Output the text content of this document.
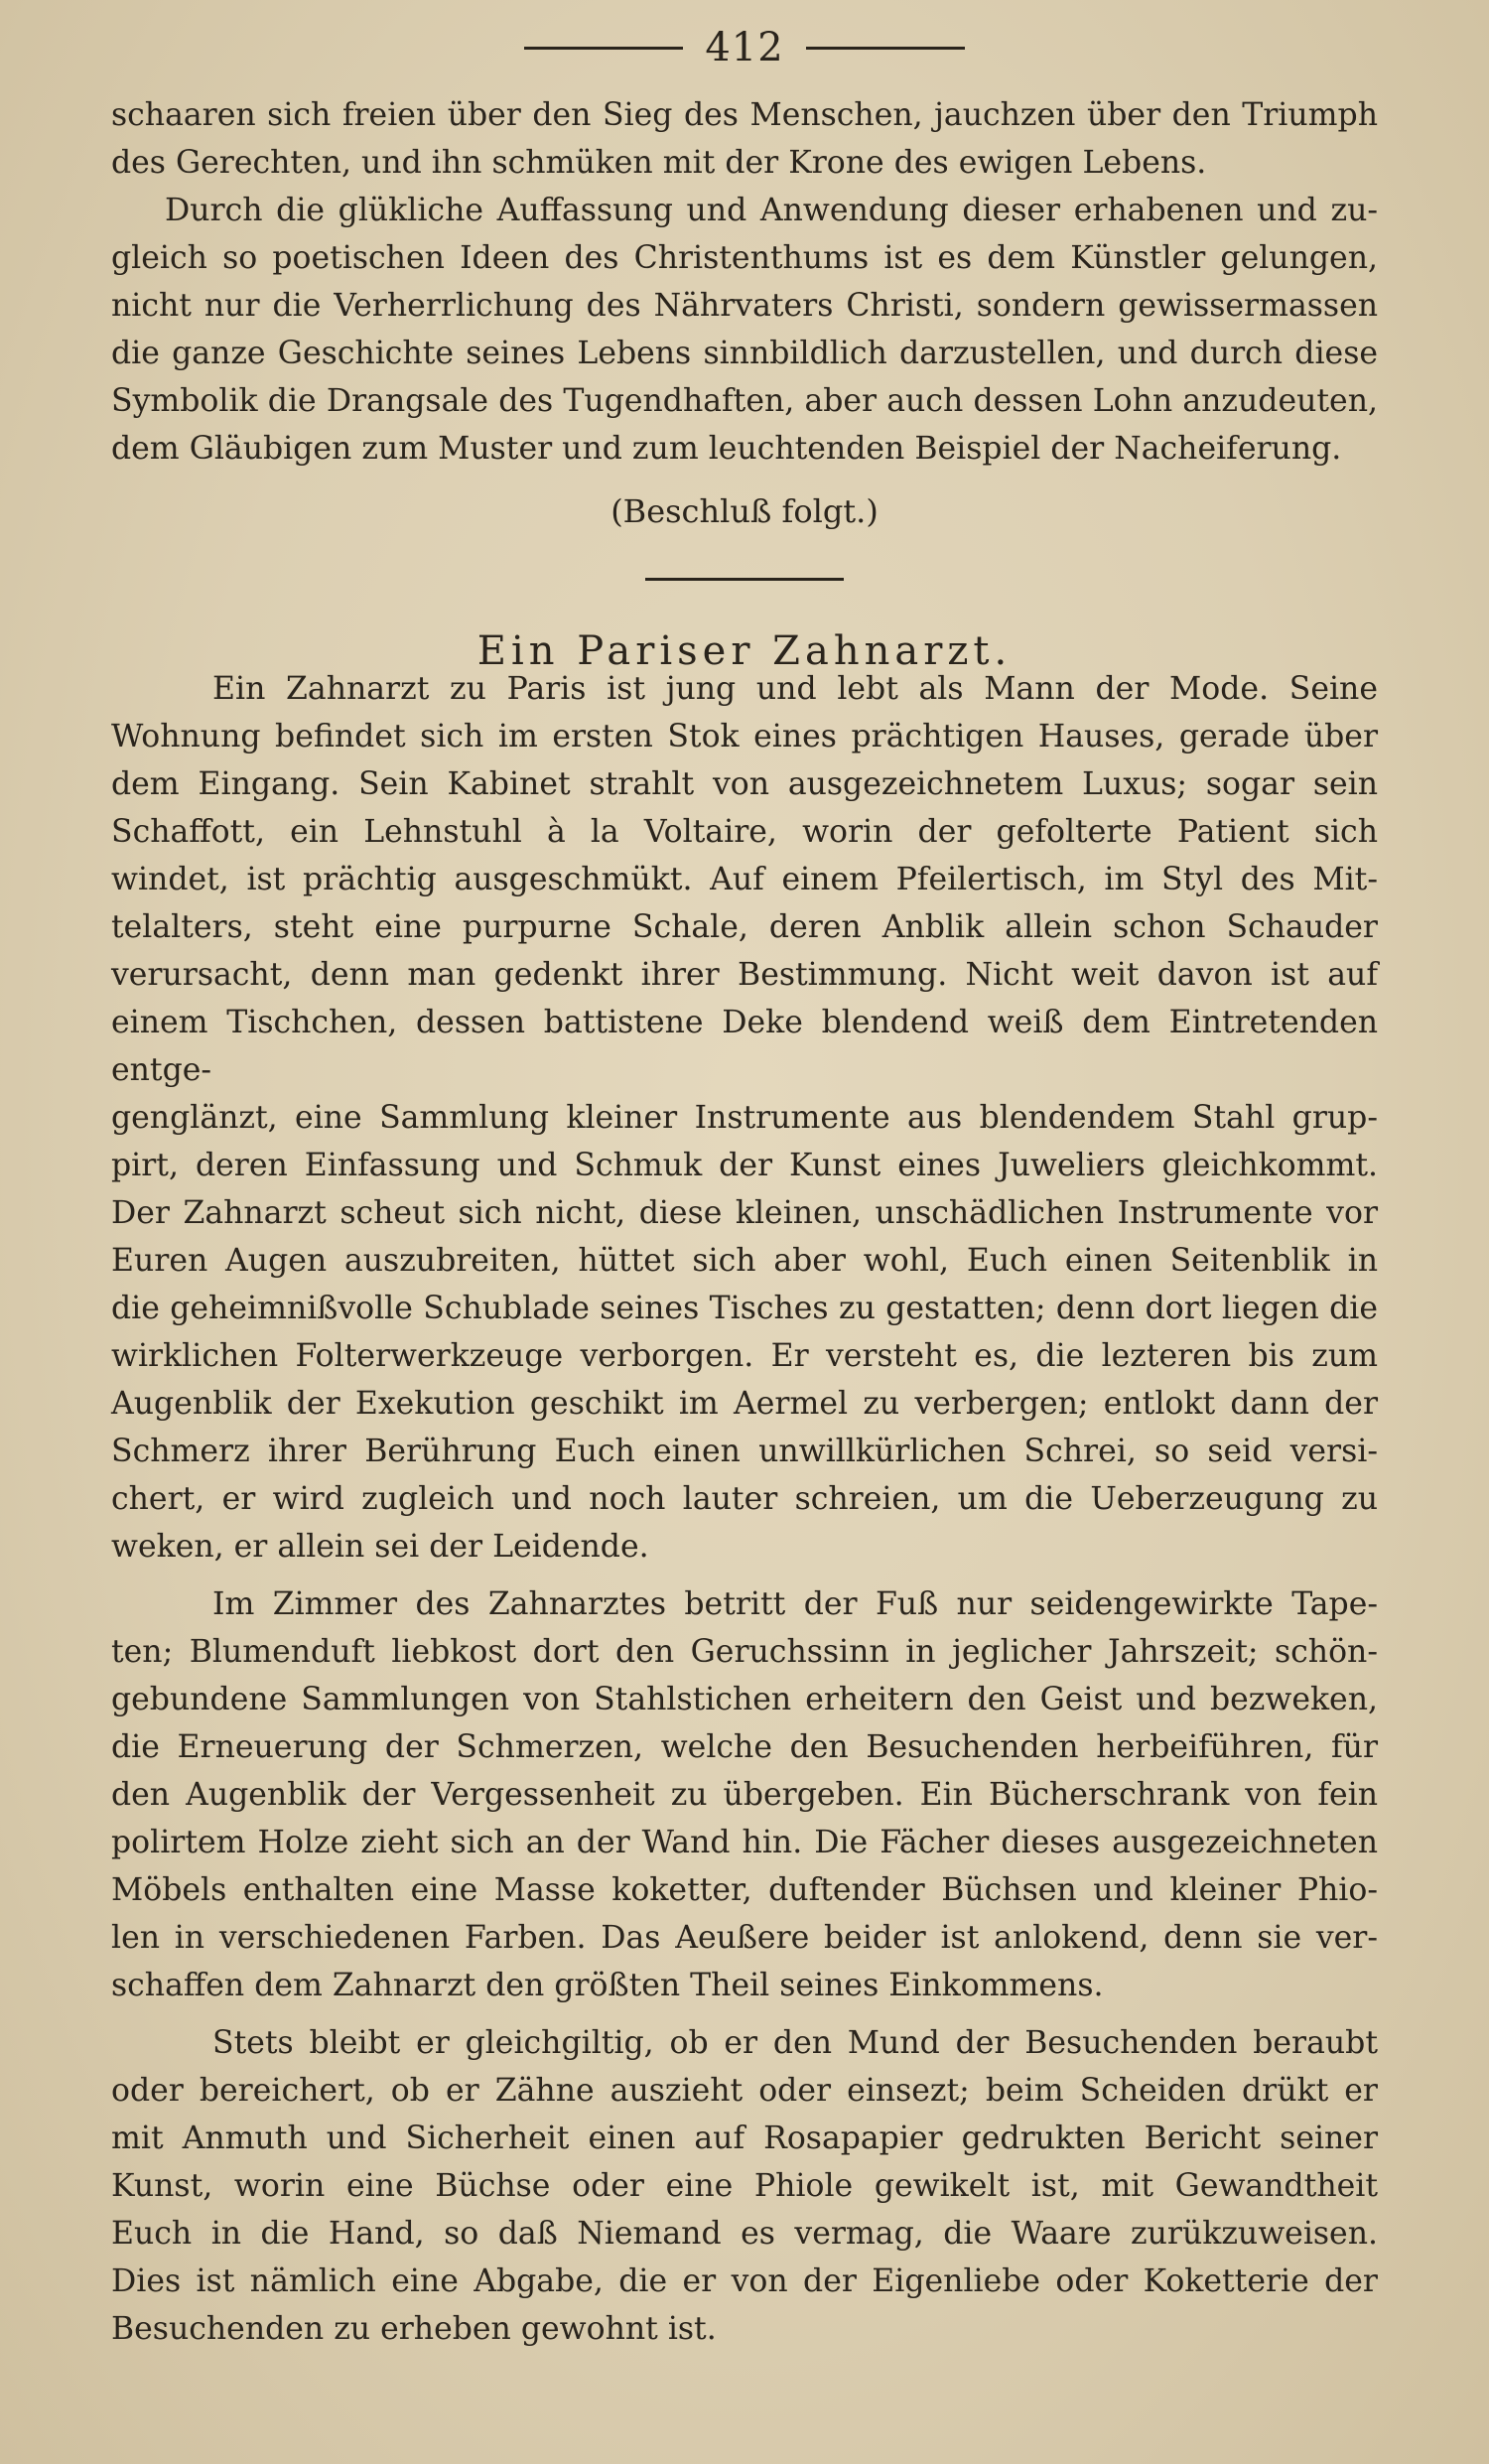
412

schaaren sich freien über den Sieg des Menschen, jauchzen über den Triumph
des Gerechten, und ihn schmüken mit der Krone des ewigen Lebens.

Durch die glükliche Auffassung und Anwendung dieser erhabenen und zu-
gleich so poetischen Ideen des Christenthums ist es dem Künstler gelungen,
nicht nur die Verherrlichung des Nährvaters Christi, sondern gewissermassen
die ganze Geschichte seines Lebens sinnbildlich darzustellen, und durch diese
Symbolik die Drangsale des Tugendhaften, aber auch dessen Lohn anzudeuten,
dem Gläubigen zum Muster und zum leuchtenden Beispiel der Nacheiferung.

(Beschluß folgt.)
Ein Pariser Zahnarzt.

Ein Zahnarzt zu Paris ist jung und lebt als Mann der Mode. Seine
Wohnung befindet sich im ersten Stok eines prächtigen Hauses, gerade über
dem Eingang. Sein Kabinet strahlt von ausgezeichnetem Luxus; sogar sein
Schaffott, ein Lehnstuhl à la Voltaire, worin der gefolterte Patient sich
windet, ist prächtig ausgeschmükt. Auf einem Pfeilertisch, im Styl des Mit-
telalters, steht eine purpurne Schale, deren Anblik allein schon Schauder
verursacht, denn man gedenkt ihrer Bestimmung. Nicht weit davon ist auf
einem Tischchen, dessen battistene Deke blendend weiß dem Eintretenden entge-
genglänzt, eine Sammlung kleiner Instrumente aus blendendem Stahl grup-
pirt, deren Einfassung und Schmuk der Kunst eines Juweliers gleichkommt.
Der Zahnarzt scheut sich nicht, diese kleinen, unschädlichen Instrumente vor
Euren Augen auszubreiten, hüttet sich aber wohl, Euch einen Seitenblik in
die geheimnißvolle Schublade seines Tisches zu gestatten; denn dort liegen die
wirklichen Folterwerkzeuge verborgen. Er versteht es, die lezteren bis zum
Augenblik der Exekution geschikt im Aermel zu verbergen; entlokt dann der
Schmerz ihrer Berührung Euch einen unwillkürlichen Schrei, so seid versi-
chert, er wird zugleich und noch lauter schreien, um die Ueberzeugung zu
weken, er allein sei der Leidende.

Im Zimmer des Zahnarztes betritt der Fuß nur seidengewirkte Tape-
ten; Blumenduft liebkost dort den Geruchssinn in jeglicher Jahrszeit; schön-
gebundene Sammlungen von Stahlstichen erheitern den Geist und bezweken,
die Erneuerung der Schmerzen, welche den Besuchenden herbeiführen, für
den Augenblik der Vergessenheit zu übergeben. Ein Bücherschrank von fein
polirtem Holze zieht sich an der Wand hin. Die Fächer dieses ausgezeichneten
Möbels enthalten eine Masse koketter, duftender Büchsen und kleiner Phio-
len in verschiedenen Farben. Das Aeußere beider ist anlokend, denn sie ver-
schaffen dem Zahnarzt den größten Theil seines Einkommens.

Stets bleibt er gleichgiltig, ob er den Mund der Besuchenden beraubt
oder bereichert, ob er Zähne auszieht oder einsezt; beim Scheiden drükt er
mit Anmuth und Sicherheit einen auf Rosapapier gedrukten Bericht seiner
Kunst, worin eine Büchse oder eine Phiole gewikelt ist, mit Gewandtheit
Euch in die Hand, so daß Niemand es vermag, die Waare zurükzuweisen.
Dies ist nämlich eine Abgabe, die er von der Eigenliebe oder Koketterie der
Besuchenden zu erheben gewohnt ist.
